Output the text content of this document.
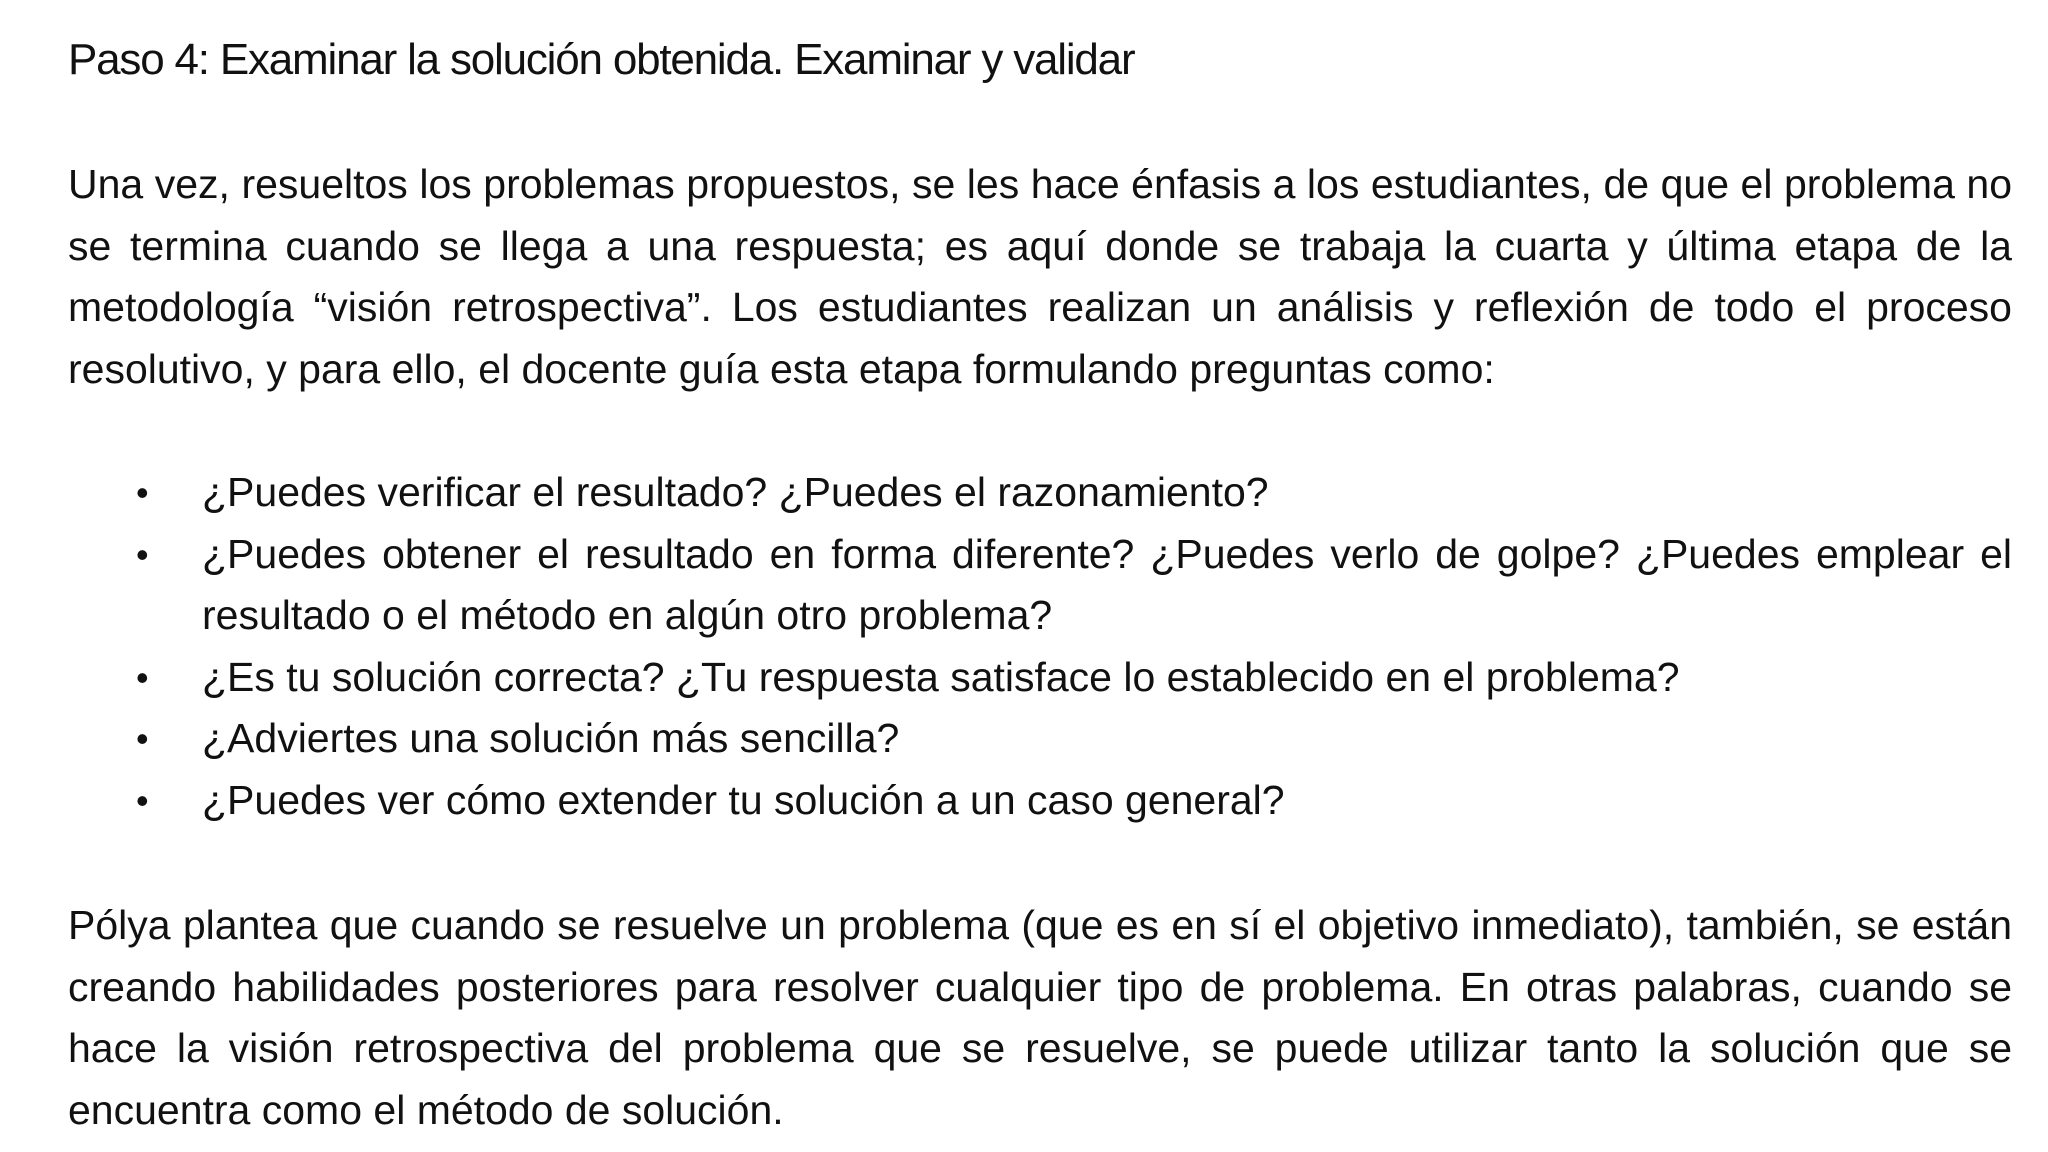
Paso 4: Examinar la solución obtenida. Examinar y validar

Una vez, resueltos los problemas propuestos, se les hace énfasis a los estudiantes, de que el problema no se termina cuando se llega a una respuesta; es aquí donde se trabaja la cuarta y última etapa de la metodología “visión retrospectiva”. Los estudiantes realizan un análisis y reflexión de todo el proceso resolutivo, y para ello, el docente guía esta etapa formulando preguntas como:

•	¿Puedes verificar el resultado? ¿Puedes el razonamiento?
•	¿Puedes obtener el resultado en forma diferente? ¿Puedes verlo de golpe? ¿Puedes emplear el resultado o el método en algún otro problema?
•	¿Es tu solución correcta? ¿Tu respuesta satisface lo establecido en el problema?
•	¿Adviertes una solución más sencilla?
•	¿Puedes ver cómo extender tu solución a un caso general?

Pólya plantea que cuando se resuelve un problema (que es en sí el objetivo inmediato), también, se están creando habilidades posteriores para resolver cualquier tipo de problema. En otras palabras, cuando se hace la visión retrospectiva del problema que se resuelve, se puede utilizar tanto la solución que se encuentra como el método de solución.
